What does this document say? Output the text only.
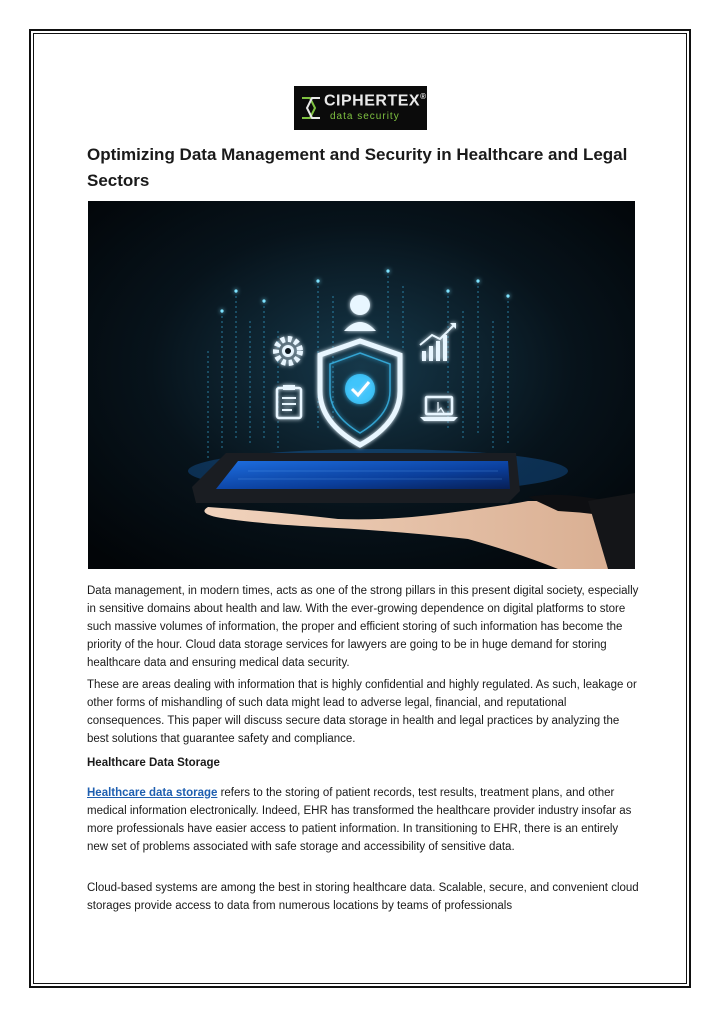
CIPHERTEX®
data security
Optimizing Data Management and Security in Healthcare and Legal Sectors

Data management, in modern times, acts as one of the strong pillars in this present digital society, especially in sensitive domains about health and law. With the ever-growing dependence on digital platforms to store such massive volumes of information, the proper and efficient storing of such information has become the priority of the hour. Cloud data storage services for lawyers are going to be in huge demand for storing healthcare data and ensuring medical data security.

These are areas dealing with information that is highly confidential and highly regulated. As such, leakage or other forms of mishandling of such data might lead to adverse legal, financial, and reputational consequences. This paper will discuss secure data storage in health and legal practices by analyzing the best solutions that guarantee safety and compliance.

Healthcare Data Storage

Healthcare data storage refers to the storing of patient records, test results, treatment plans, and other medical information electronically. Indeed, EHR has transformed the healthcare provider industry insofar as more professionals have easier access to patient information. In transitioning to EHR, there is an entirely new set of problems associated with safe storage and accessibility of sensitive data.

Cloud-based systems are among the best in storing healthcare data. Scalable, secure, and convenient cloud storages provide access to data from numerous locations by teams of professionals
